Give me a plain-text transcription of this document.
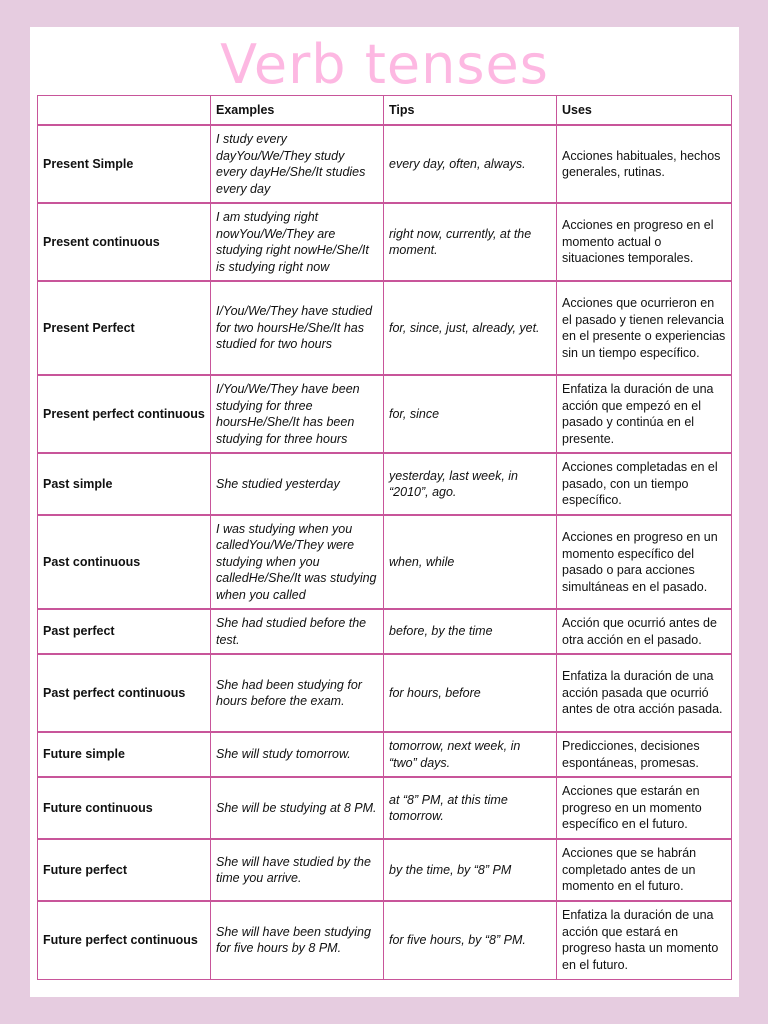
Verb tenses
	Examples	Tips	Uses
Present Simple	I study every dayYou/We/They study every dayHe/She/It studies every day	every day, often, always.	Acciones habituales, hechos generales, rutinas.
Present continuous	I am studying right nowYou/We/They are studying right nowHe/She/It is studying right now	right now, currently, at the moment.	Acciones en progreso en el momento actual o situaciones temporales.
Present Perfect	I/You/We/They have studied for two hoursHe/She/It has studied for two hours	for, since, just, already, yet.	Acciones que ocurrieron en el pasado y tienen relevancia en el presente o experiencias sin un tiempo específico.
Present perfect continuous	I/You/We/They have been studying for three hoursHe/She/It has been studying for three hours	for, since	Enfatiza la duración de una acción que empezó en el pasado y continúa en el presente.
Past simple	She studied yesterday	yesterday, last week, in “2010”, ago.	Acciones completadas en el pasado, con un tiempo específico.
Past continuous	I was studying when you calledYou/We/They were studying when you calledHe/She/It was studying when you called	when, while	Acciones en progreso en un momento específico del pasado o para acciones simultáneas en el pasado.
Past perfect	She had studied before the test.	before, by the time	Acción que ocurrió antes de otra acción en el pasado.
Past perfect continuous	She had been studying for hours before the exam.	for hours, before	Enfatiza la duración de una acción pasada que ocurrió antes de otra acción pasada.
Future simple	She will study tomorrow.	tomorrow, next week, in “two” days.	Predicciones, decisiones espontáneas, promesas.
Future continuous	She will be studying at 8 PM.	at “8” PM, at this time tomorrow.	Acciones que estarán en progreso en un momento específico en el futuro.
Future perfect	She will have studied by the time you arrive.	by the time, by “8” PM	Acciones que se habrán completado antes de un momento en el futuro.
Future perfect continuous	She will have been studying for five hours by 8 PM.	for five hours, by “8” PM.	Enfatiza la duración de una acción que estará en progreso hasta un momento en el futuro.
